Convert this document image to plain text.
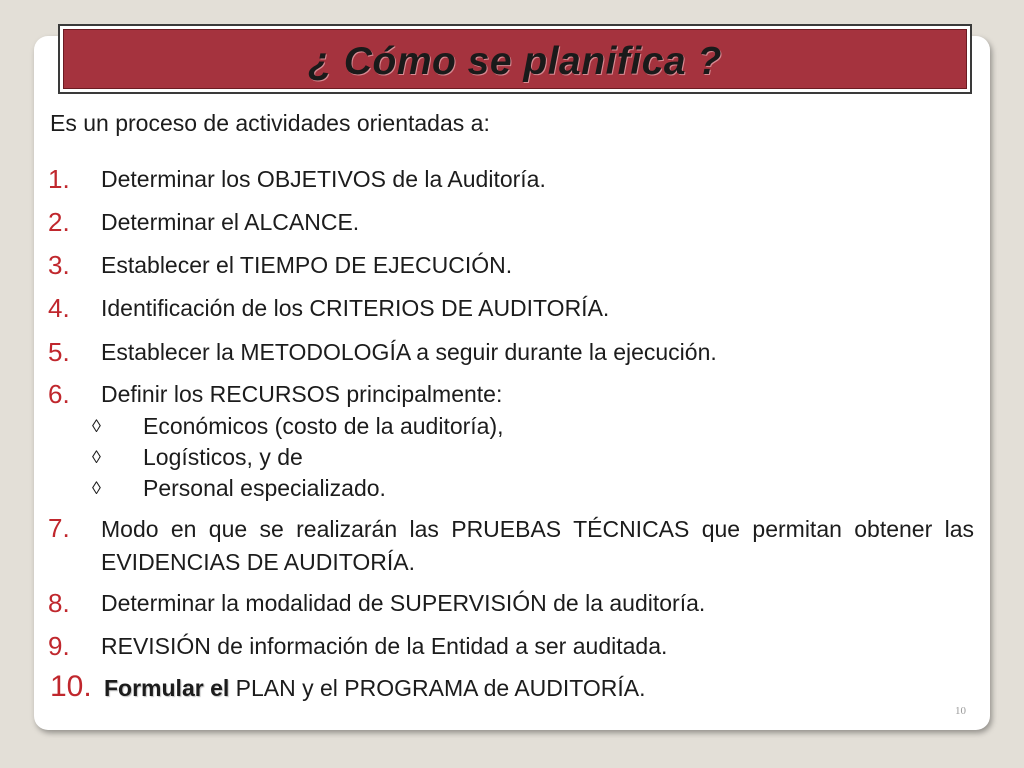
¿ Cómo se planifica ?
Es un proceso de actividades orientadas a:
1. Determinar los OBJETIVOS de la Auditoría.
2. Determinar el ALCANCE.
3. Establecer el TIEMPO DE EJECUCIÓN.
4. Identificación de los CRITERIOS DE AUDITORÍA.
5. Establecer la METODOLOGÍA a seguir durante la ejecución.
6. Definir los RECURSOS principalmente:
◊ Económicos (costo de la auditoría),
◊ Logísticos, y de
◊ Personal especializado.
7. Modo en que se realizarán las PRUEBAS TÉCNICAS que permitan obtener las EVIDENCIAS DE AUDITORÍA.
8. Determinar la modalidad de SUPERVISIÓN de la auditoría.
9. REVISIÓN de información de la Entidad a ser auditada.
10. Formular el PLAN y el PROGRAMA de AUDITORÍA.
10
